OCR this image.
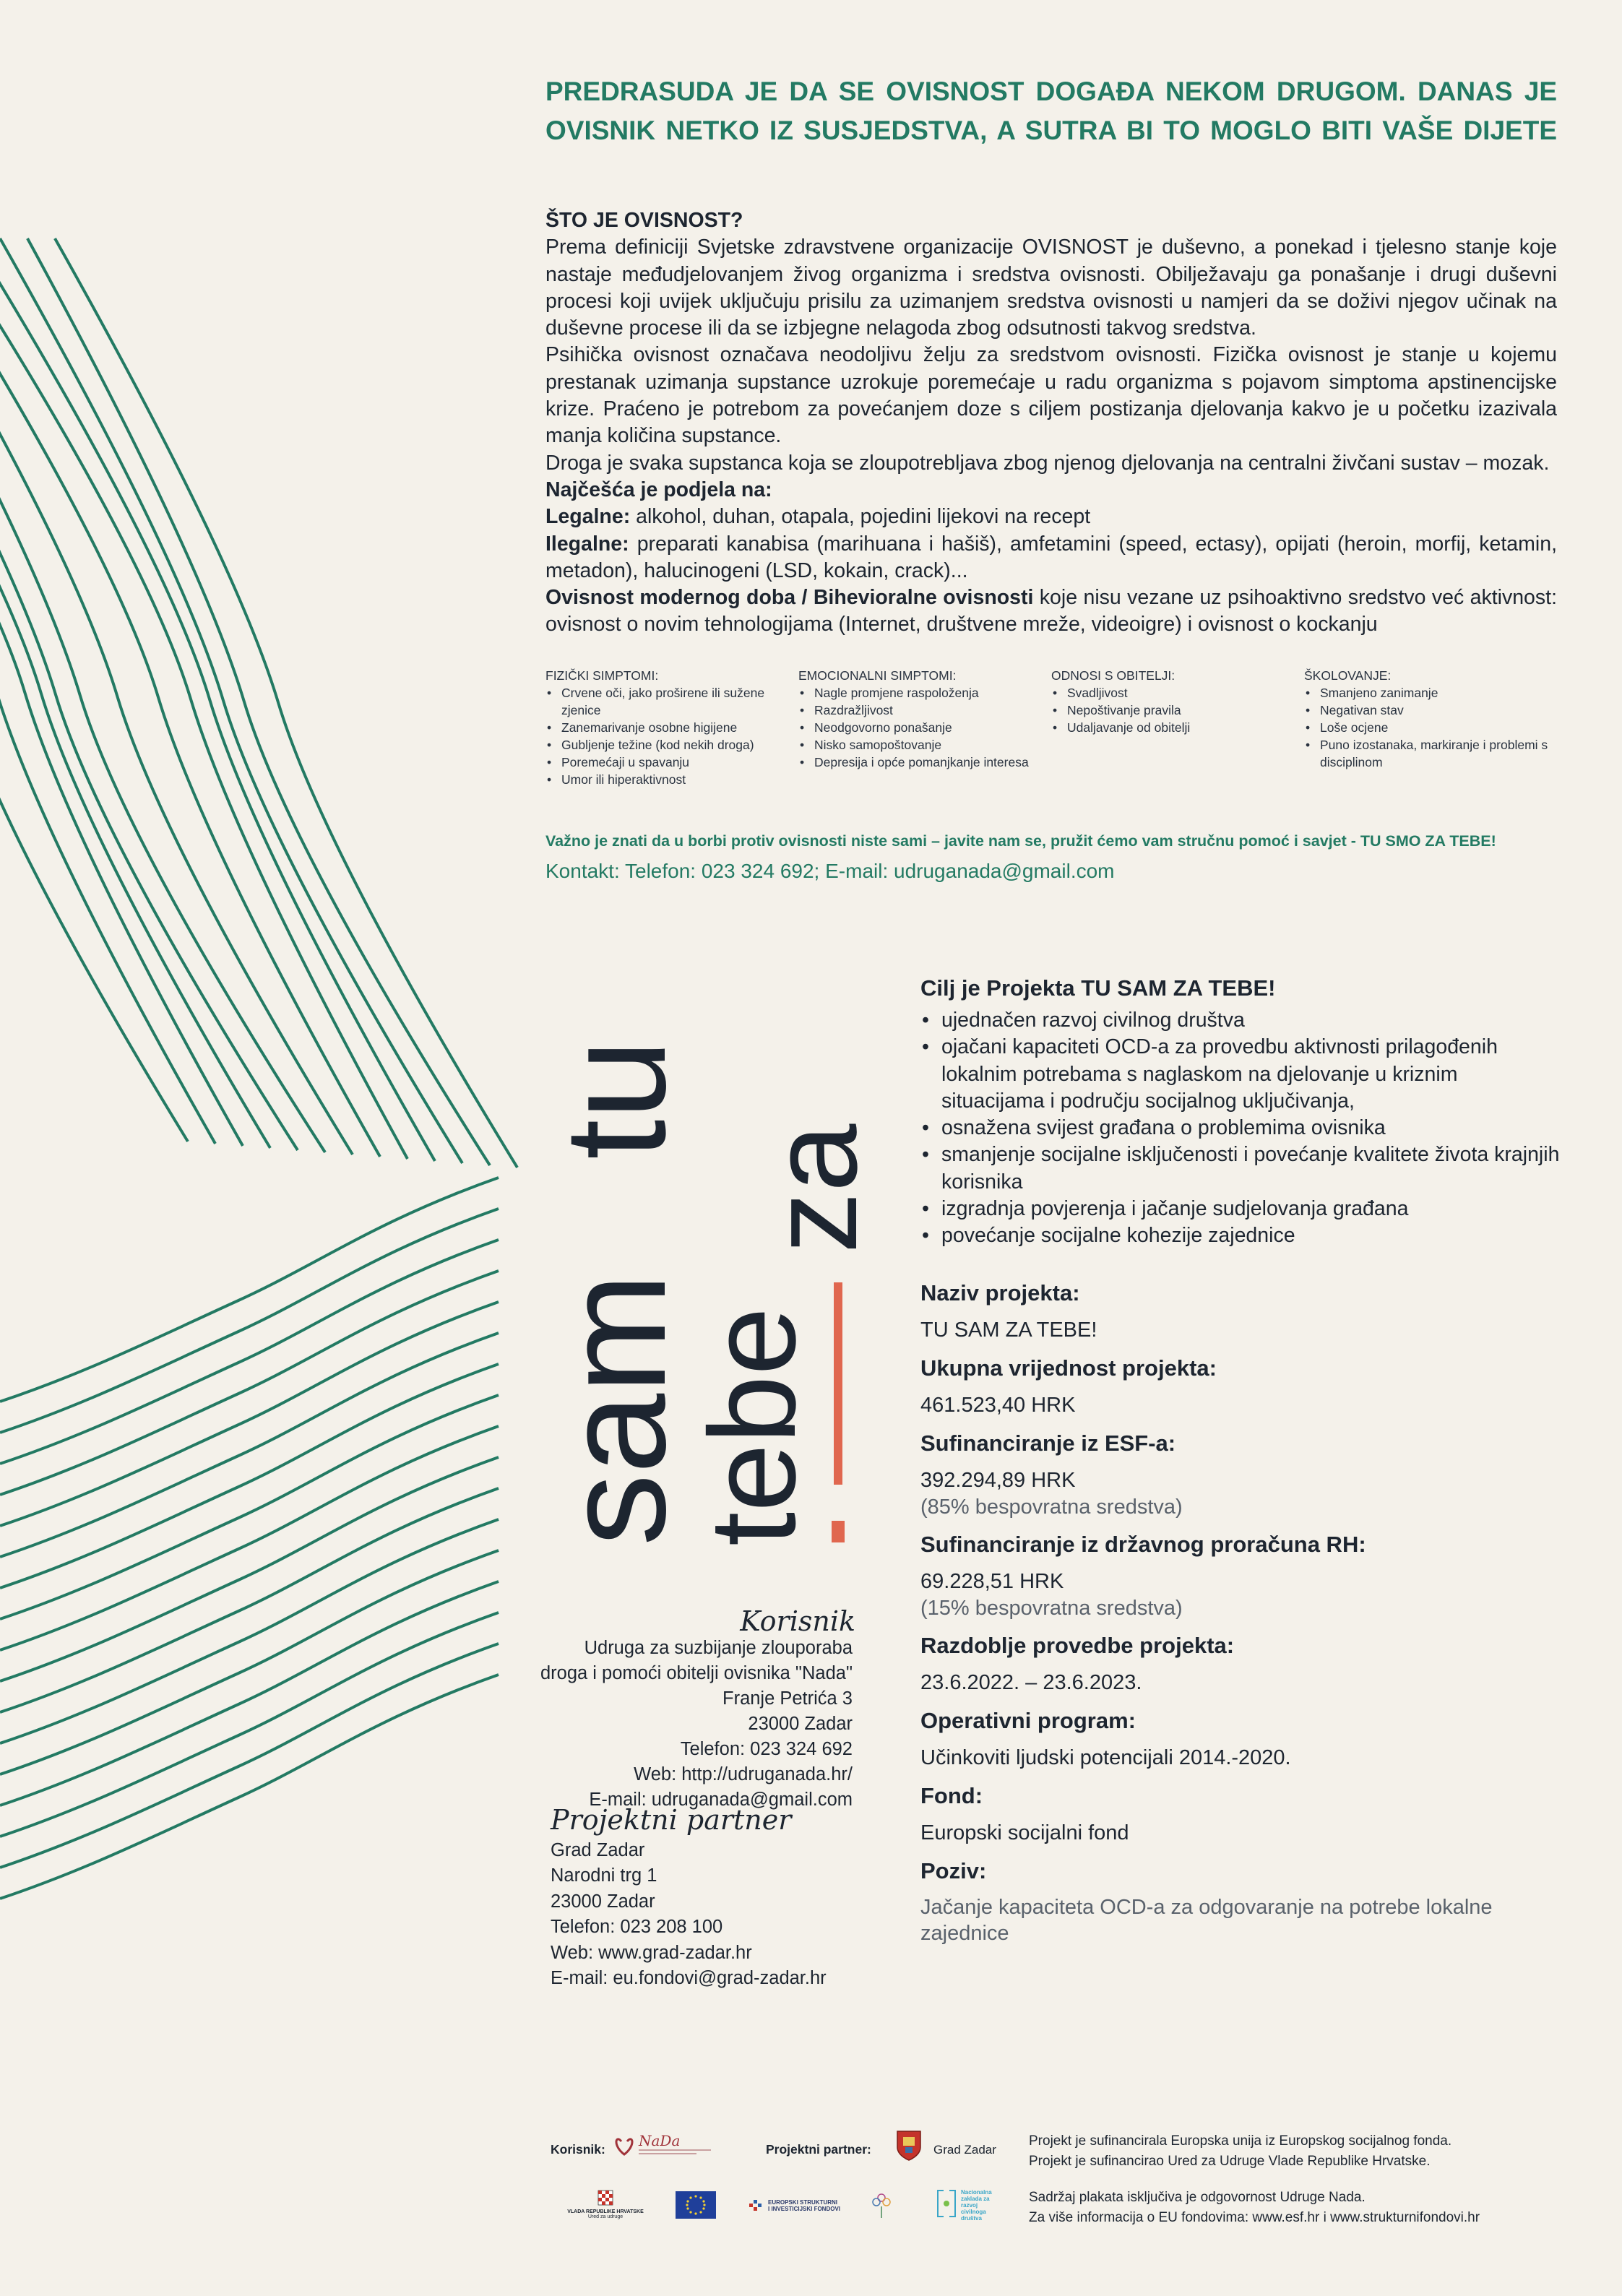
PREDRASUDA JE DA SE OVISNOST DOGAĐA NEKOM DRUGOM. DANAS JE
OVISNIK NETKO IZ SUSJEDSTVA, A SUTRA BI TO MOGLO BITI VAŠE DIJETE

ŠTO JE OVISNOST?

Prema definiciji Svjetske zdravstvene organizacije OVISNOST je duševno, a ponekad i tjelesno stanje koje nastaje međudjelovanjem živog organizma i sredstva ovisnosti. Obilježavaju ga ponašanje i drugi duševni procesi koji uvijek uključuju prisilu za uzimanjem sredstva ovisnosti u namjeri da se doživi njegov učinak na duševne procese ili da se izbjegne nelagoda zbog odsutnosti takvog sredstva.

Psihička ovisnost označava neodoljivu želju za sredstvom ovisnosti. Fizička ovisnost je stanje u kojemu prestanak uzimanja supstance uzrokuje poremećaje u radu organizma s pojavom simptoma apstinencijske krize. Praćeno je potrebom za povećanjem doze s ciljem postizanja djelovanja kakvo je u početku izazivala manja količina supstance.

Droga je svaka supstanca koja se zloupotrebljava zbog njenog djelovanja na centralni živčani sustav – mozak.

Najčešća je podjela na:

Legalne: alkohol, duhan, otapala, pojedini lijekovi na recept

Ilegalne: preparati kanabisa (marihuana i hašiš), amfetamini (speed, ectasy), opijati (heroin, morfij, ketamin, metadon), halucinogeni (LSD, kokain, crack)...

Ovisnost modernog doba / Bihevioralne ovisnosti koje nisu vezane uz psihoaktivno sredstvo već aktivnost: ovisnost o novim tehnologijama (Internet, društvene mreže, videoigre) i ovisnost o kockanju

FIZIČKI SIMPTOMI:
• Crvene oči, jako proširene ili sužene zjenice
• Zanemarivanje osobne higijene
• Gubljenje težine (kod nekih droga)
• Poremećaji u spavanju
• Umor ili hiperaktivnost
EMOCIONALNI SIMPTOMI:
• Nagle promjene raspoloženja
• Razdražljivost
• Neodgovorno ponašanje
• Nisko samopoštovanje
• Depresija i opće pomanjkanje interesa
ODNOSI S OBITELJI:
• Svadljivost
• Nepoštivanje pravila
• Udaljavanje od obitelji
ŠKOLOVANJE:
• Smanjeno zanimanje
• Negativan stav
• Loše ocjene
• Puno izostanaka, markiranje i problemi s disciplinom
Važno je znati da u borbi protiv ovisnosti niste sami – javite nam se, pružit ćemo vam stručnu pomoć i savjet - TU SMO ZA TEBE!
Kontakt: Telefon: 023 324 692; E-mail: udruganada@gmail.com
sam
tu
za
tebe
Cilj je Projekta TU SAM ZA TEBE!
• ujednačen razvoj civilnog društva
• ojačani kapaciteti OCD-a za provedbu aktivnosti prilagođenih lokalnim potrebama s naglaskom na djelovanje u kriznim situacijama i području socijalnog uključivanja,
• osnažena svijest građana o problemima ovisnika
• smanjenje socijalne isključenosti i povećanje kvalitete života krajnjih korisnika
• izgradnja povjerenja i jačanje sudjelovanja građana
• povećanje socijalne kohezije zajednice
Naziv projekta:
TU SAM ZA TEBE!
Ukupna vrijednost projekta:
461.523,40 HRK
Sufinanciranje iz ESF-a:
392.294,89 HRK
(85% bespovratna sredstva)
Sufinanciranje iz državnog proračuna RH:
69.228,51 HRK
(15% bespovratna sredstva)
Razdoblje provedbe projekta:
23.6.2022. – 23.6.2023.
Operativni program:
Učinkoviti ljudski potencijali 2014.-2020.
Fond:
Europski socijalni fond
Poziv:
Jačanje kapaciteta OCD-a za odgovaranje na potrebe lokalne zajednice
Korisnik
Udruga za suzbijanje zlouporaba
droga i pomoći obitelji ovisnika "Nada"
Franje Petrića 3
23000 Zadar
Telefon: 023 324 692
Web: http://udruganada.hr/
E-mail: udruganada@gmail.com
Projektni partner
Grad Zadar
Narodni trg 1
23000 Zadar
Telefon: 023 208 100
Web: www.grad-zadar.hr
E-mail: eu.fondovi@grad-zadar.hr
Korisnik: NaDa	Projektni partner:	Grad Zadar
Projekt je sufinancirala Europska unija iz Europskog socijalnog fonda.
Projekt je sufinancirao Ured za Udruge Vlade Republike Hrvatske.
Sadržaj plakata isključiva je odgovornost Udruge Nada.
Za više informacija o EU fondovima: www.esf.hr i www.strukturnifondovi.hr
VLADA REPUBLIKE HRVATSKE
Ured za udruge
EUROPSKI STRUKTURNI I INVESTICIJSKI FONDOVI
Nacionalna zaklada za razvoj civilnoga društva
